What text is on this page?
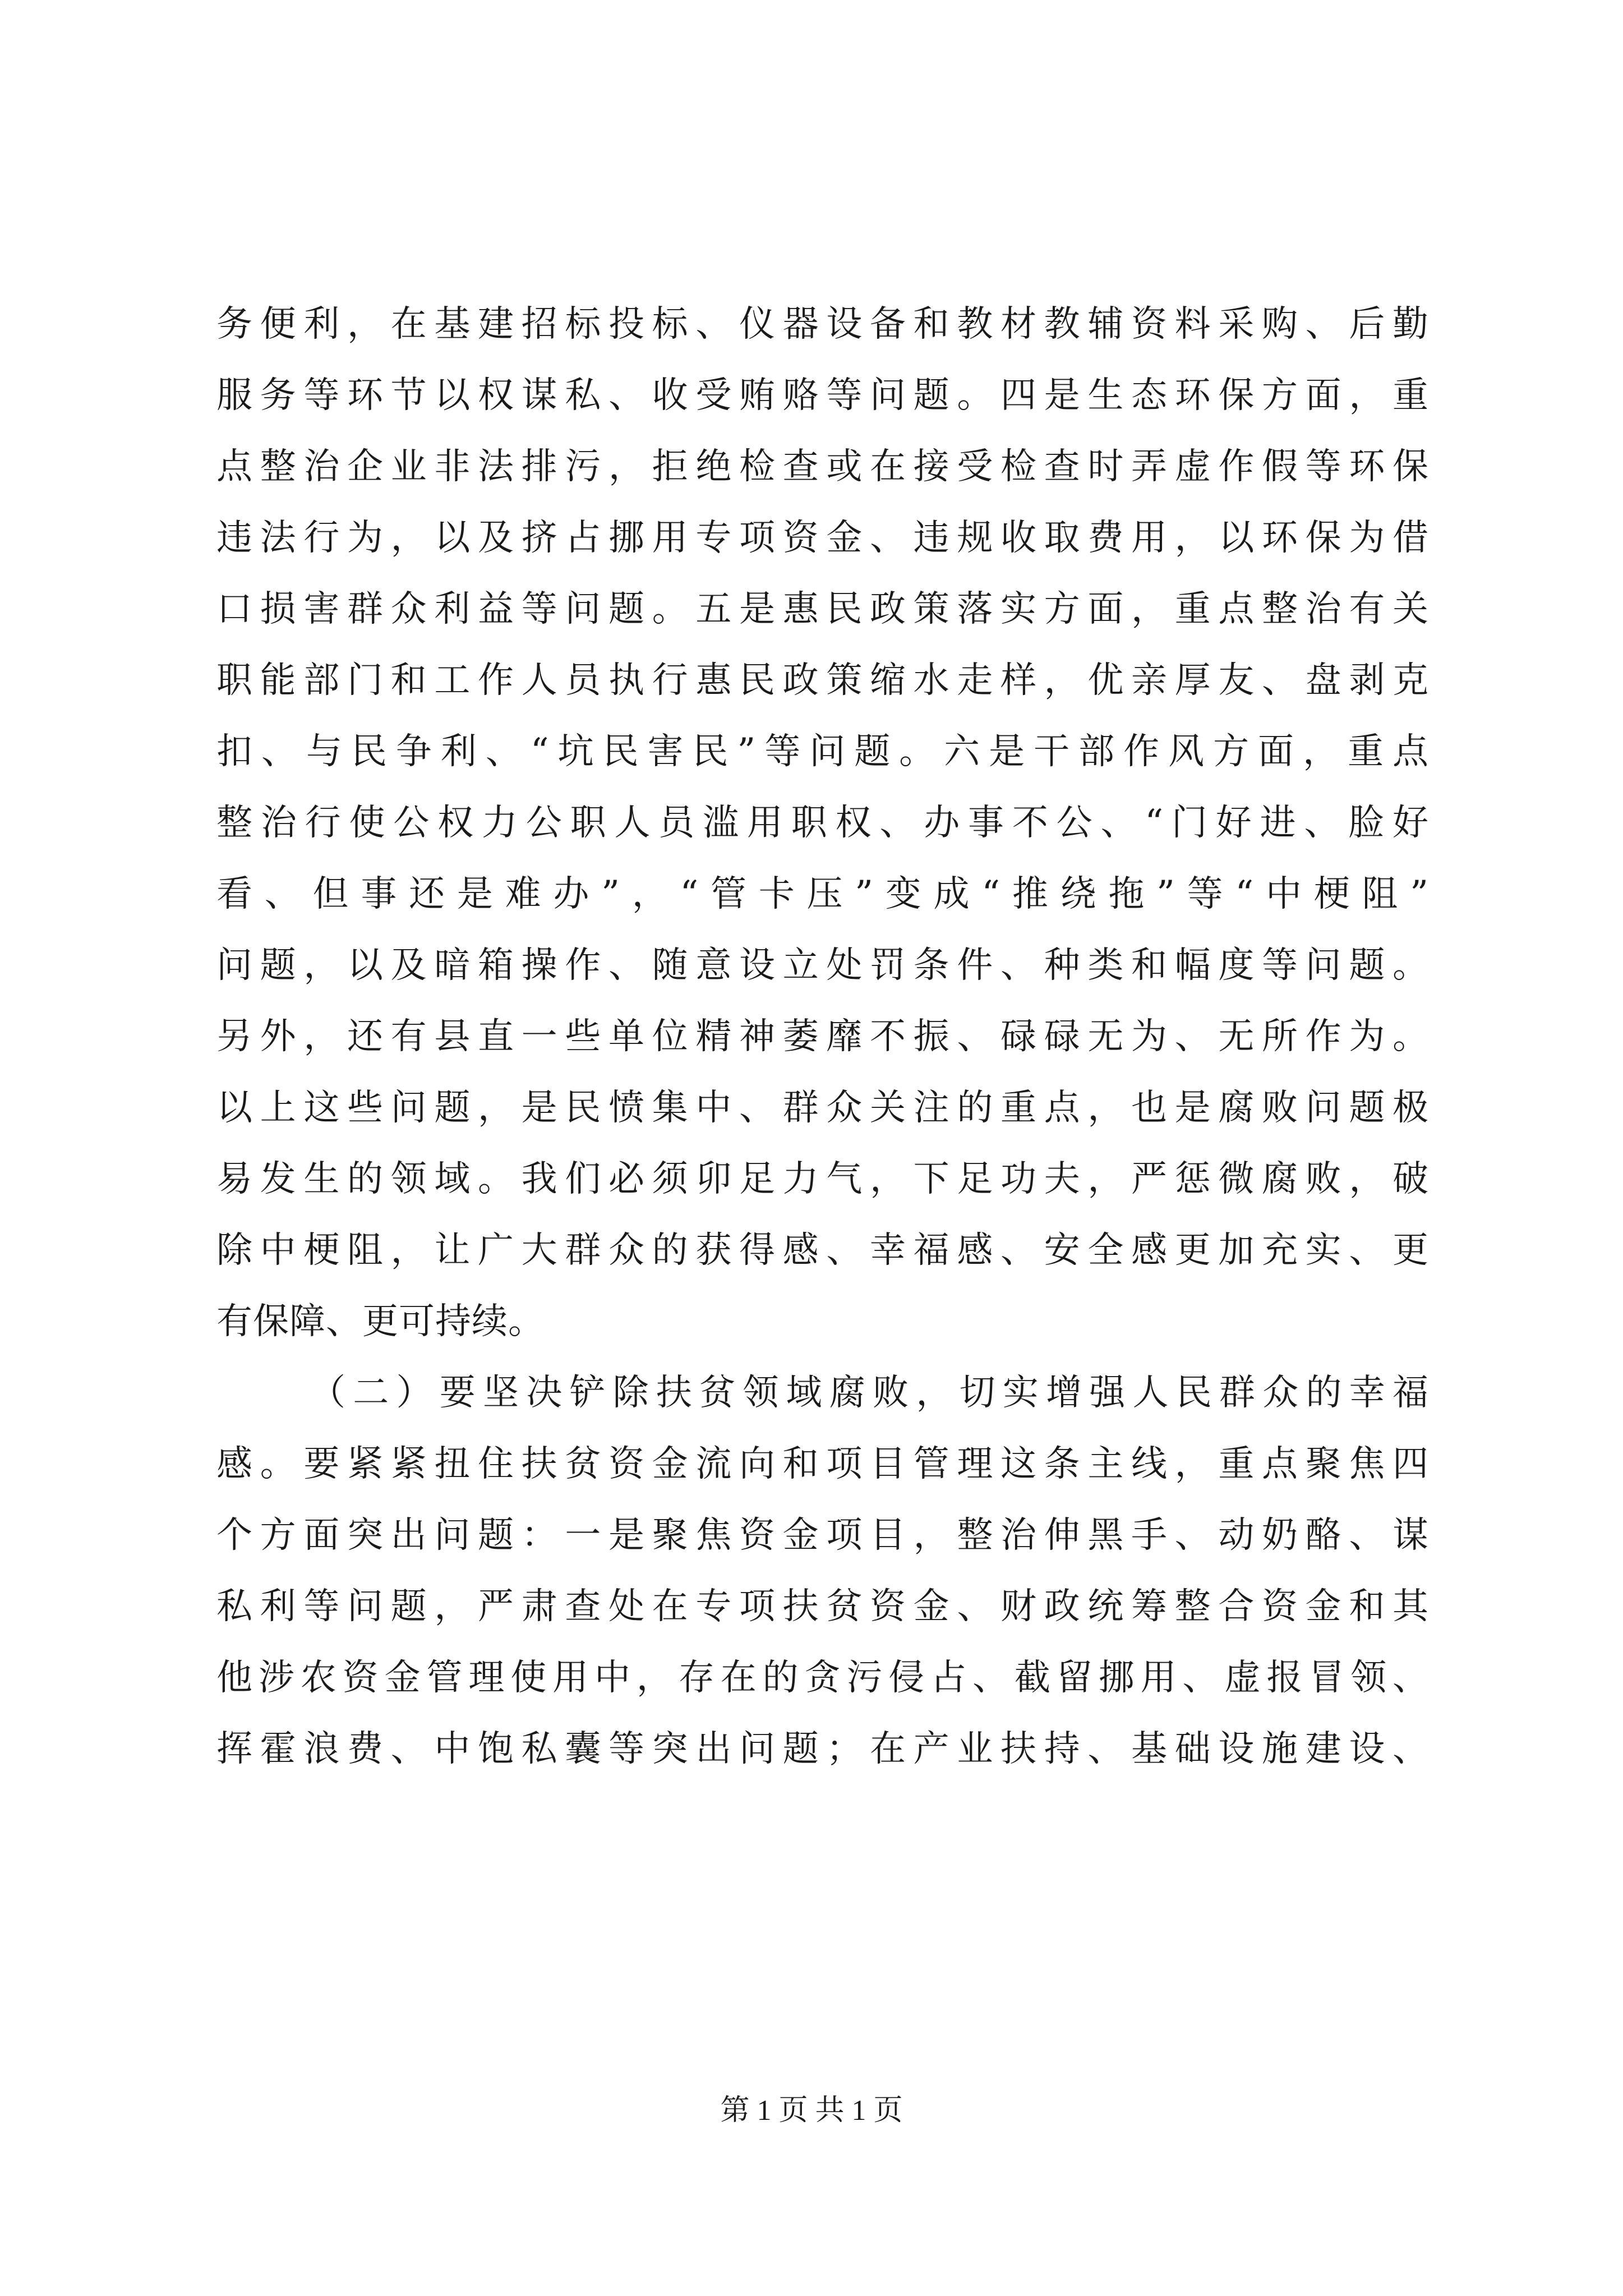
务便利，在基建招标投标、仪器设备和教材教辅资料采购、后勤
服务等环节以权谋私、收受贿赂等问题。四是生态环保方面，重
点整治企业非法排污，拒绝检查或在接受检查时弄虚作假等环保
违法行为，以及挤占挪用专项资金、违规收取费用，以环保为借
口损害群众利益等问题。五是惠民政策落实方面，重点整治有关
职能部门和工作人员执行惠民政策缩水走样，优亲厚友、盘剥克
扣、与民争利、“坑民害民”等问题。六是干部作风方面，重点
整治行使公权力公职人员滥用职权、办事不公、“门好进、脸好
看、但事还是难办”，“管卡压”变成“推绕拖”等“中梗阻”
问题，以及暗箱操作、随意设立处罚条件、种类和幅度等问题。
另外，还有县直一些单位精神萎靡不振、碌碌无为、无所作为。
以上这些问题，是民愤集中、群众关注的重点，也是腐败问题极
易发生的领域。我们必须卯足力气，下足功夫，严惩微腐败，破
除中梗阻，让广大群众的获得感、幸福感、安全感更加充实、更
有保障、更可持续。
（二）要坚决铲除扶贫领域腐败，切实增强人民群众的幸福
感。要紧紧扭住扶贫资金流向和项目管理这条主线，重点聚焦四
个方面突出问题：一是聚焦资金项目，整治伸黑手、动奶酪、谋
私利等问题，严肃查处在专项扶贫资金、财政统筹整合资金和其
他涉农资金管理使用中，存在的贪污侵占、截留挪用、虚报冒领、
挥霍浪费、中饱私囊等突出问题；在产业扶持、基础设施建设、
第 1 页 共 1 页
